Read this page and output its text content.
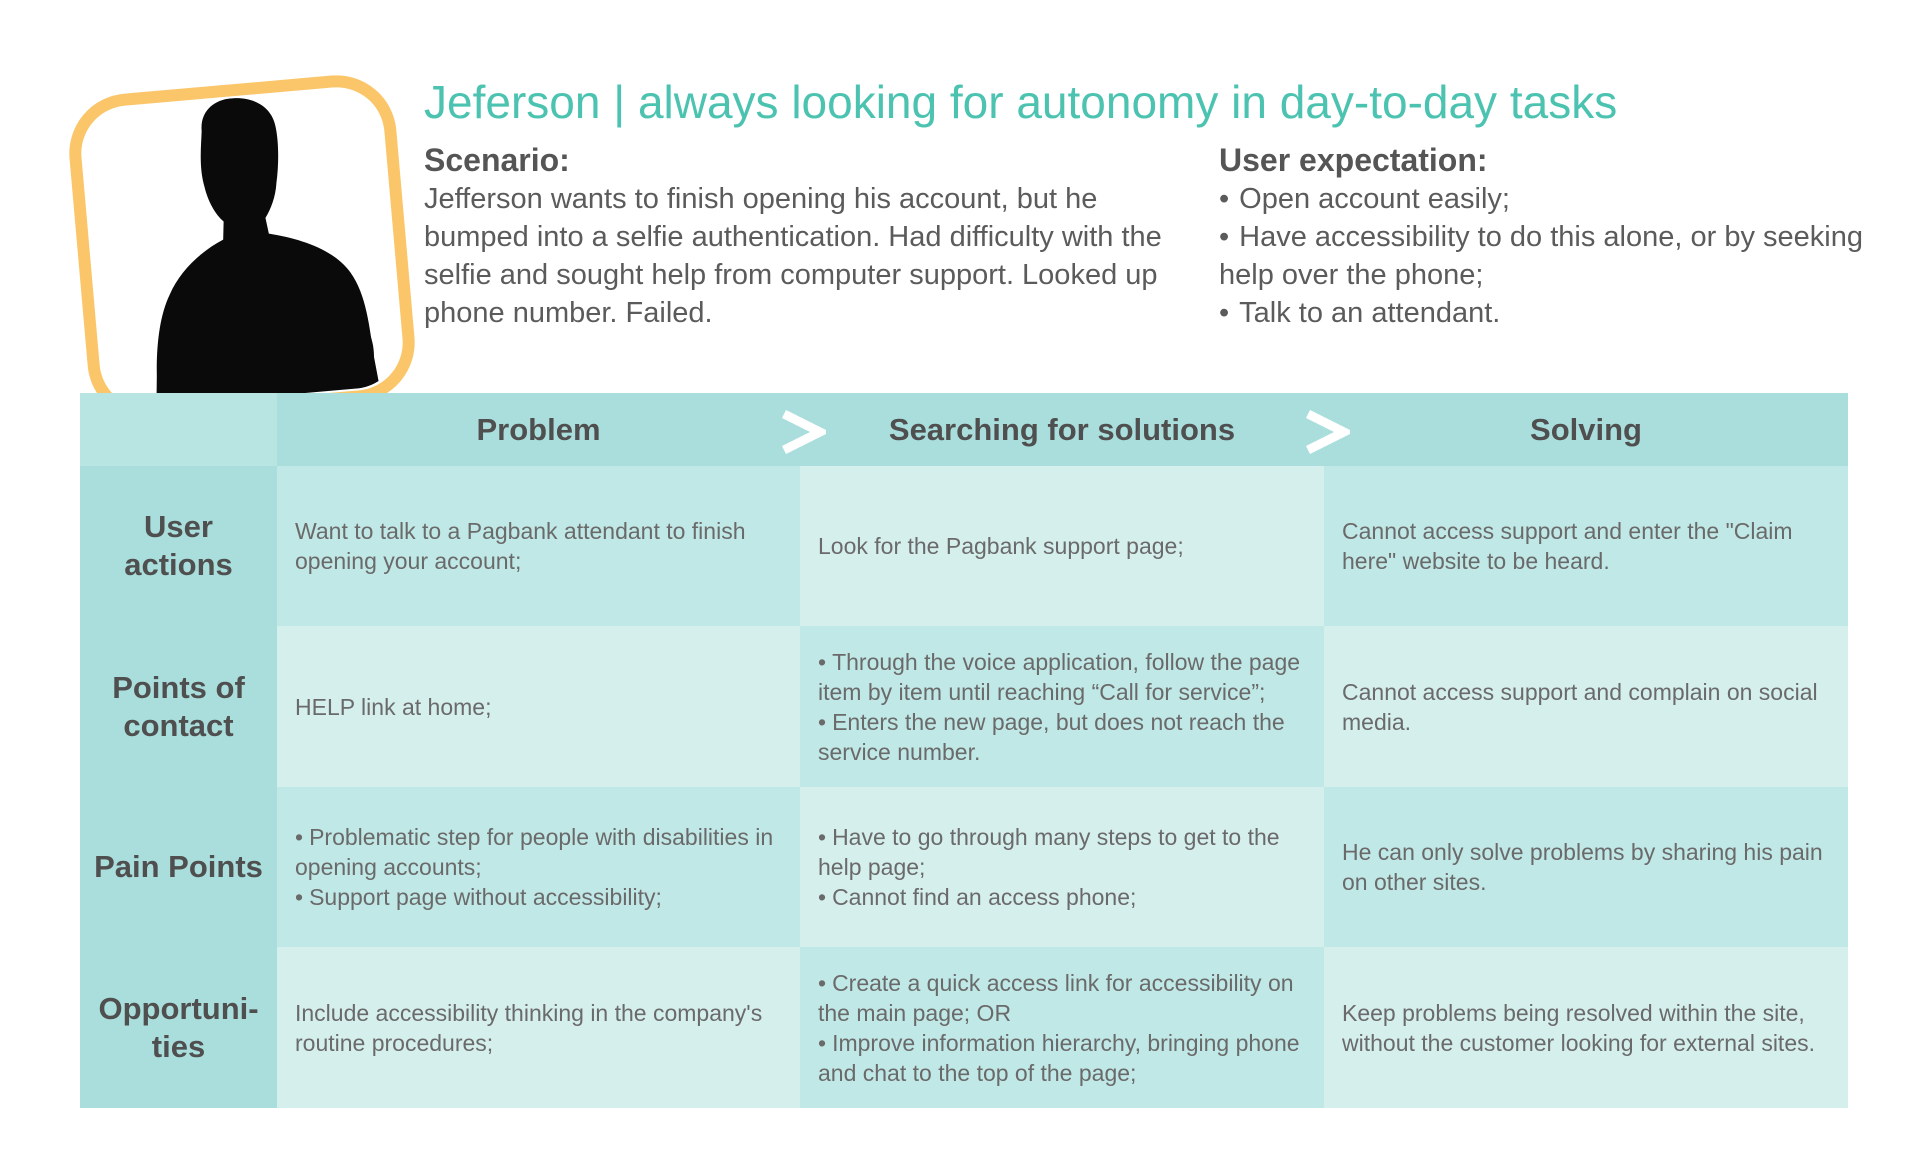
Jeferson | always looking for autonomy in day-to-day tasks
Scenario:
Jefferson wants to finish opening his account, but he bumped into a selfie authentication. Had difficulty with the selfie and sought help from computer support. Looked up phone number. Failed.
User expectation:
• Open account easily;
• Have accessibility to do this alone, or by seeking help over the phone;
• Talk to an attendant.
Problem	Searching for solutions	Solving
User actions

Want to talk to a Pagbank attendant to finish opening your account;

Look for the Pagbank support page;

Cannot access support and enter the "Claim here" website to be heard.

Points of contact

HELP link at home;

• Through the voice application, follow the page item by item until reaching “Call for service”;
• Enters the new page, but does not reach the service number.

Cannot access support and complain on social media.

Pain Points
• Problematic step for people with disabilities in opening accounts;
• Support page without accessibility;
• Have to go through many steps to get to the help page;
• Cannot find an access phone;

He can only solve problems by sharing his pain on other sites.

Opportuni-ties

Include accessibility thinking in the company's routine procedures;

• Create a quick access link for accessibility on the main page; OR
• Improve information hierarchy, bringing phone and chat to the top of the page;

Keep problems being resolved within the site, without the customer looking for external sites.
